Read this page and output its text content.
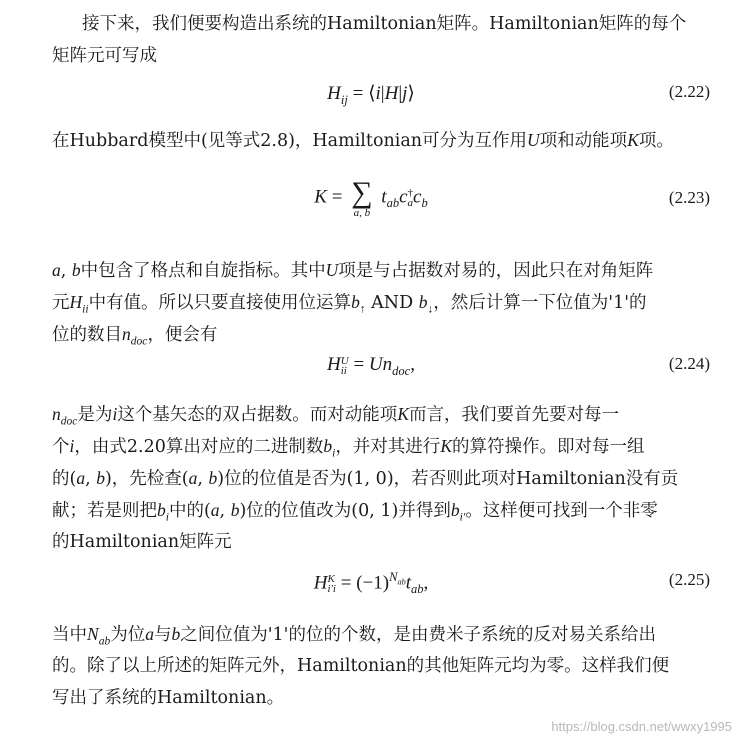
接下来，我们便要构造出系统的Hamiltonian矩阵。Hamiltonian矩阵的每个
矩阵元可写成
$H_{ij}$ = ⟨i|H|j⟩	(2.22)
在Hubbard模型中(见等式2.8)，Hamiltonian可分为互作用U项和动能项K项。
K = ∑
a, b
$t_{ab}c$ †
a $c_b$	(2.23)
a, b中包含了格点和自旋指标。其中U项是与占据数对易的，因此只在对角矩阵
元$H_{ii}$中有值。所以只要直接使用位运算$b_↑$ AND $b_↓$，然后计算一下位值为'1'的
位的数目$n_{doc}$，便会有
H U
ii = $Un_{doc}$,	(2.24)
$n_{doc}$是为i这个基矢态的双占据数。而对动能项K而言，我们要首先要对每一
个i，由式2.20算出对应的二进制数$b_i$，并对其进行K的算符操作。即对每一组
的(a, b)，先检查(a, b)位的位值是否为(1, 0)，若否则此项对Hamiltonian没有贡
献；若是则把$b_i$中的(a, b)位的位值改为(0, 1)并得到$b_{i'}$。这样便可找到一个非零
的Hamiltonian矩阵元
H K
$i'i = (-1)^{N_{ab}}t_{ab}$,	(2.25)
当中$N_{ab}$为位a与b之间位值为'1'的位的个数，是由费米子系统的反对易关系给出
的。除了以上所述的矩阵元外，Hamiltonian的其他矩阵元均为零。这样我们便
写出了系统的Hamiltonian。
https://blog.csdn.net/wwxy1995
